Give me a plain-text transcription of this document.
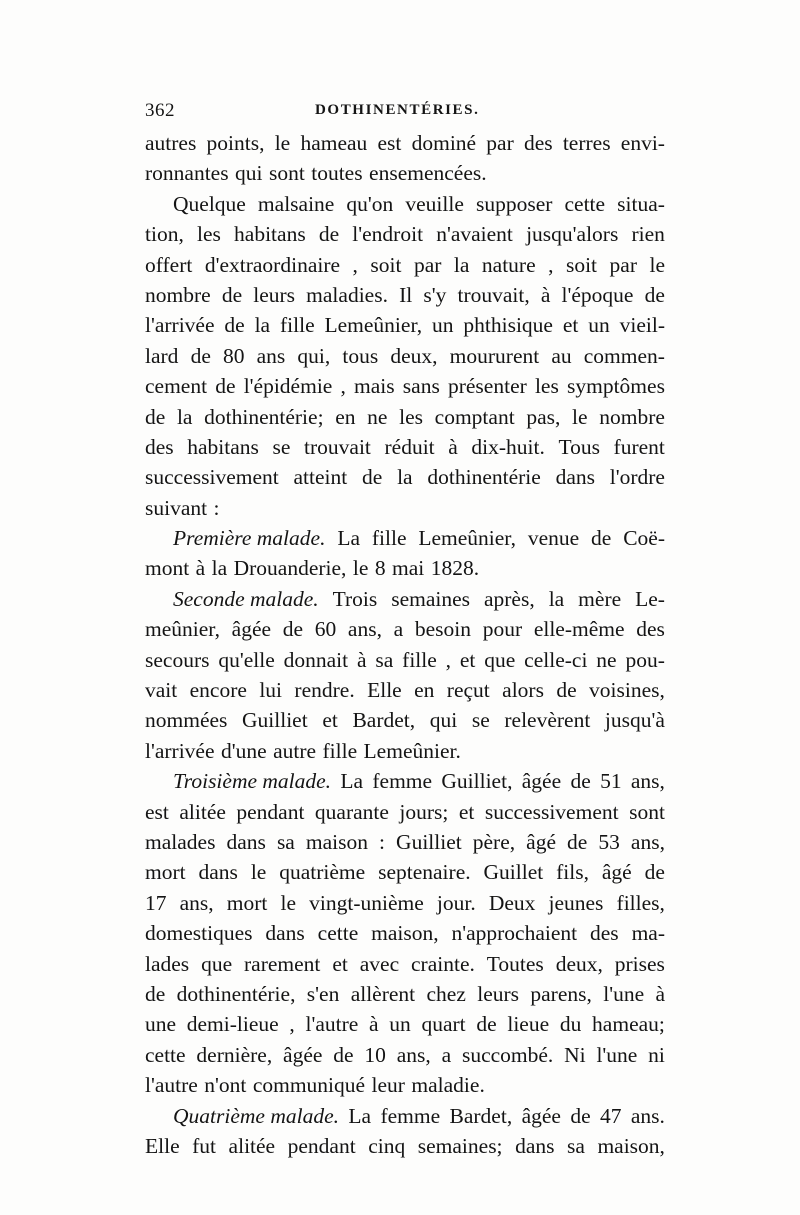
362	DOTHINENTÉRIES.
autres points, le hameau est dominé par des terres envi-
ronnantes qui sont toutes ensemencées.
Quelque malsaine qu'on veuille supposer cette situa-
tion, les habitans de l'endroit n'avaient jusqu'alors rien
offert d'extraordinaire , soit par la nature , soit par le
nombre de leurs maladies. Il s'y trouvait, à l'époque de
l'arrivée de la fille Lemeûnier, un phthisique et un vieil-
lard de 80 ans qui, tous deux, moururent au commen-
cement de l'épidémie , mais sans présenter les symptômes
de la dothinentérie; en ne les comptant pas, le nombre
des habitans se trouvait réduit à dix-huit. Tous furent
successivement atteint de la dothinentérie dans l'ordre
suivant :
Première malade. La fille Lemeûnier, venue de Coë-
mont à la Drouanderie, le 8 mai 1828.
Seconde malade. Trois semaines après, la mère Le-
meûnier, âgée de 60 ans, a besoin pour elle-même des
secours qu'elle donnait à sa fille , et que celle-ci ne pou-
vait encore lui rendre. Elle en reçut alors de voisines,
nommées Guilliet et Bardet, qui se relevèrent jusqu'à
l'arrivée d'une autre fille Lemeûnier.
Troisième malade. La femme Guilliet, âgée de 51 ans,
est alitée pendant quarante jours; et successivement sont
malades dans sa maison : Guilliet père, âgé de 53 ans,
mort dans le quatrième septenaire. Guillet fils, âgé de
17 ans, mort le vingt-unième jour. Deux jeunes filles,
domestiques dans cette maison, n'approchaient des ma-
lades que rarement et avec crainte. Toutes deux, prises
de dothinentérie, s'en allèrent chez leurs parens, l'une à
une demi-lieue , l'autre à un quart de lieue du hameau;
cette dernière, âgée de 10 ans, a succombé. Ni l'une ni
l'autre n'ont communiqué leur maladie.
Quatrième malade. La femme Bardet, âgée de 47 ans.
Elle fut alitée pendant cinq semaines; dans sa maison,
